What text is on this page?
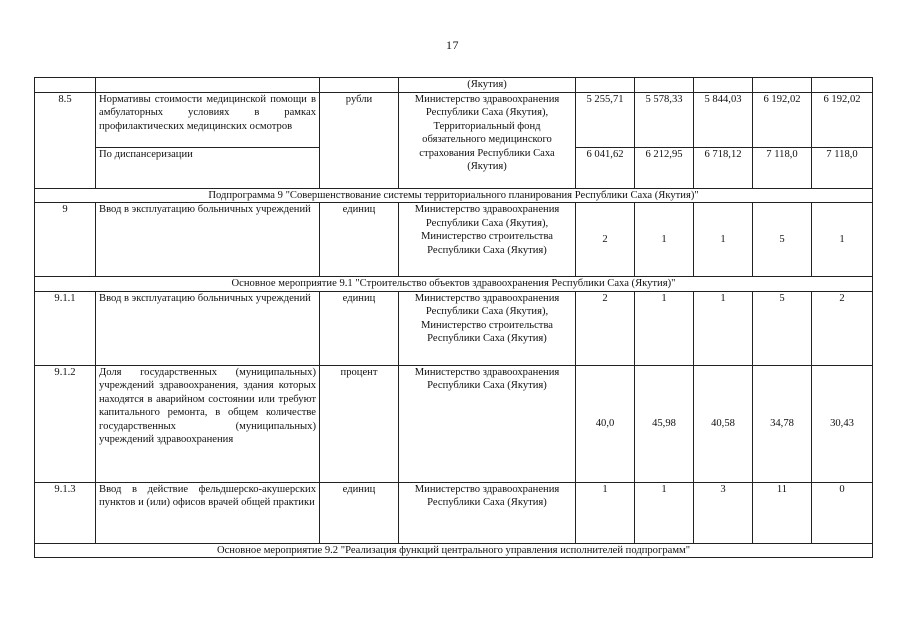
17
			(Якутия)					
8.5	Нормативы стоимости медицинской помощи в амбулаторных условиях в рамках профилактических медицинских осмотров	рубли	Министерство здравоохранения Республики Саха (Якутия), Территориальный фонд обязательного медицинского страхования Республики Саха (Якутия)	5 255,71	5 578,33	5 844,03	6 192,02	6 192,02
	По диспансеризации			6 041,62	6 212,95	6 718,12	7 118,0	7 118,0
Подпрограмма 9 "Совершенствование системы территориального планирования Республики Саха (Якутия)"								
9	Ввод в эксплуатацию больничных учреждений	единиц	Министерство здравоохранения Республики Саха (Якутия), Министерство строительства Республики Саха (Якутия)	2	1	1	5	1
Основное мероприятие 9.1 "Строительство объектов здравоохранения Республики Саха (Якутия)"								
9.1.1	Ввод в эксплуатацию больничных учреждений	единиц	Министерство здравоохранения Республики Саха (Якутия), Министерство строительства Республики Саха (Якутия)	2	1	1	5	2
9.1.2	Доля государственных (муниципальных) учреждений здравоохранения, здания которых находятся в аварийном состоянии или требуют капитального ремонта, в общем количестве государственных (муниципальных) учреждений здравоохранения	процент	Министерство здравоохранения Республики Саха (Якутия)	40,0	45,98	40,58	34,78	30,43
9.1.3	Ввод в действие фельдшерско-акушерских пунктов и (или) офисов врачей общей практики	единиц	Министерство здравоохранения Республики Саха (Якутия)	1	1	3	11	0
Основное мероприятие 9.2 "Реализация функций центрального управления исполнителей подпрограмм"								
